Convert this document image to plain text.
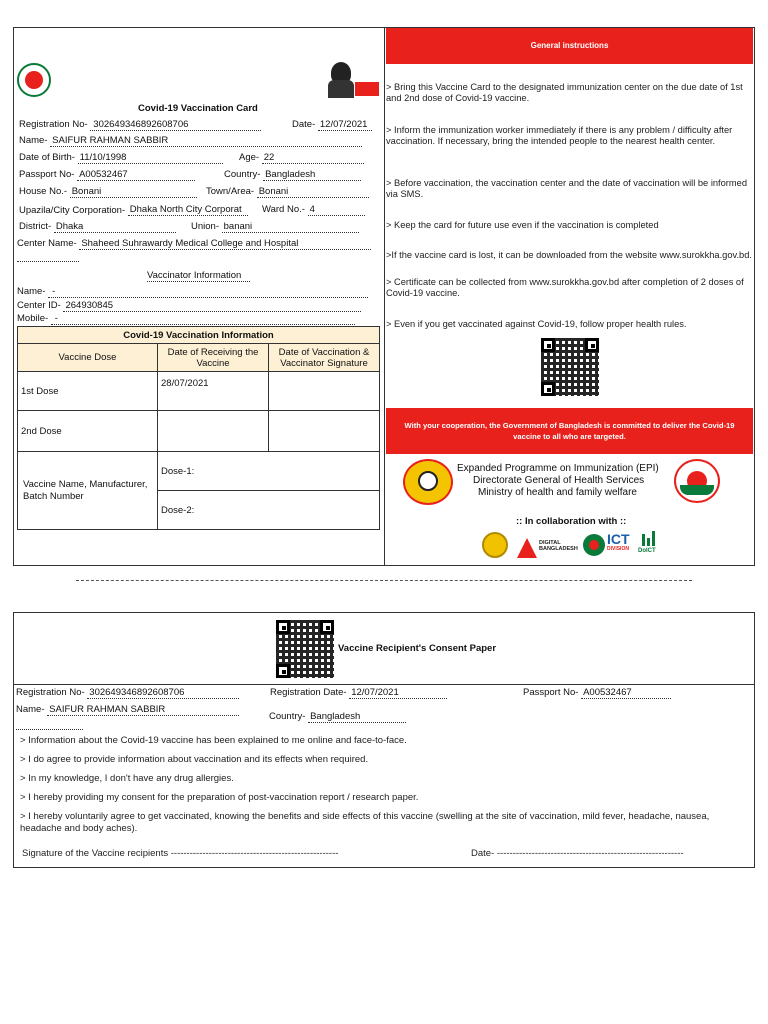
Covid-19 Vaccination Card
Registration No- 302649346892608706	Date- 12/07/2021
Name- SAIFUR RAHMAN SABBIR
Date of Birth- 11/10/1998	Age- 22
Passport No- A00532467	Country- Bangladesh
House No.- Bonani	Town/Area- Bonani
Upazila/City Corporation- Dhaka North City Corporat	Ward No.- 4
District- Dhaka	Union- banani
Center Name- Shaheed Suhrawardy Medical College and Hospital
Vaccinator Information
Name- -
Center ID- 264930845
Mobile- -
Covid-19 Vaccination Information		
Vaccine Dose	Date of Receiving the Vaccine	Date of Vaccination & Vaccinator Signature
1st Dose	28/07/2021	
2nd Dose		
Vaccine Name, Manufacturer, Batch Number	Dose-1:	
	Dose-2:	
General instructions
> Bring this Vaccine Card to the designated immunization center on the due date of 1st and 2nd dose of Covid-19 vaccine.
> Inform the immunization worker immediately if there is any problem / difficulty after vaccination. If necessary, bring the intended people to the nearest health center.
> Before vaccination, the vaccination center and the date of vaccination will be informed via SMS.
> Keep the card for future use even if the vaccination is completed
>If the vaccine card is lost, it can be downloaded from the website www.surokkha.gov.bd.
> Certificate can be collected from www.surokkha.gov.bd after completion of 2 doses of Covid-19 vaccine.
> Even if you get vaccinated against Covid-19, follow proper health rules.
With your cooperation, the Government of Bangladesh is committed to deliver the Covid-19 vaccine to all who are targeted.
Expanded Programme on Immunization (EPI)
Directorate General of Health Services
Ministry of health and family welfare
:: In collaboration with ::
DIGITAL BANGLADESH
ICT
DIVISION	DoICT
Vaccine Recipient's Consent Paper
Registration No- 302649346892608706	Registration Date- 12/07/2021	Passport No- A00532467
Name- SAIFUR RAHMAN SABBIR
Country- Bangladesh
> Information about the Covid-19 vaccine has been explained to me online and face-to-face.
> I do agree to provide information about vaccination and its effects when required.
> In my knowledge, I don't have any drug allergies.
> I hereby providing my consent for the preparation of post-vaccination report / research paper.
> I hereby voluntarily agree to get vaccinated, knowing the benefits and side effects of this vaccine (swelling at the site of vaccination, mild fever, headache, nausea, headache and body aches).
Signature of the Vaccine recipients -----------------------------------------------------	Date- -----------------------------------------------------------
